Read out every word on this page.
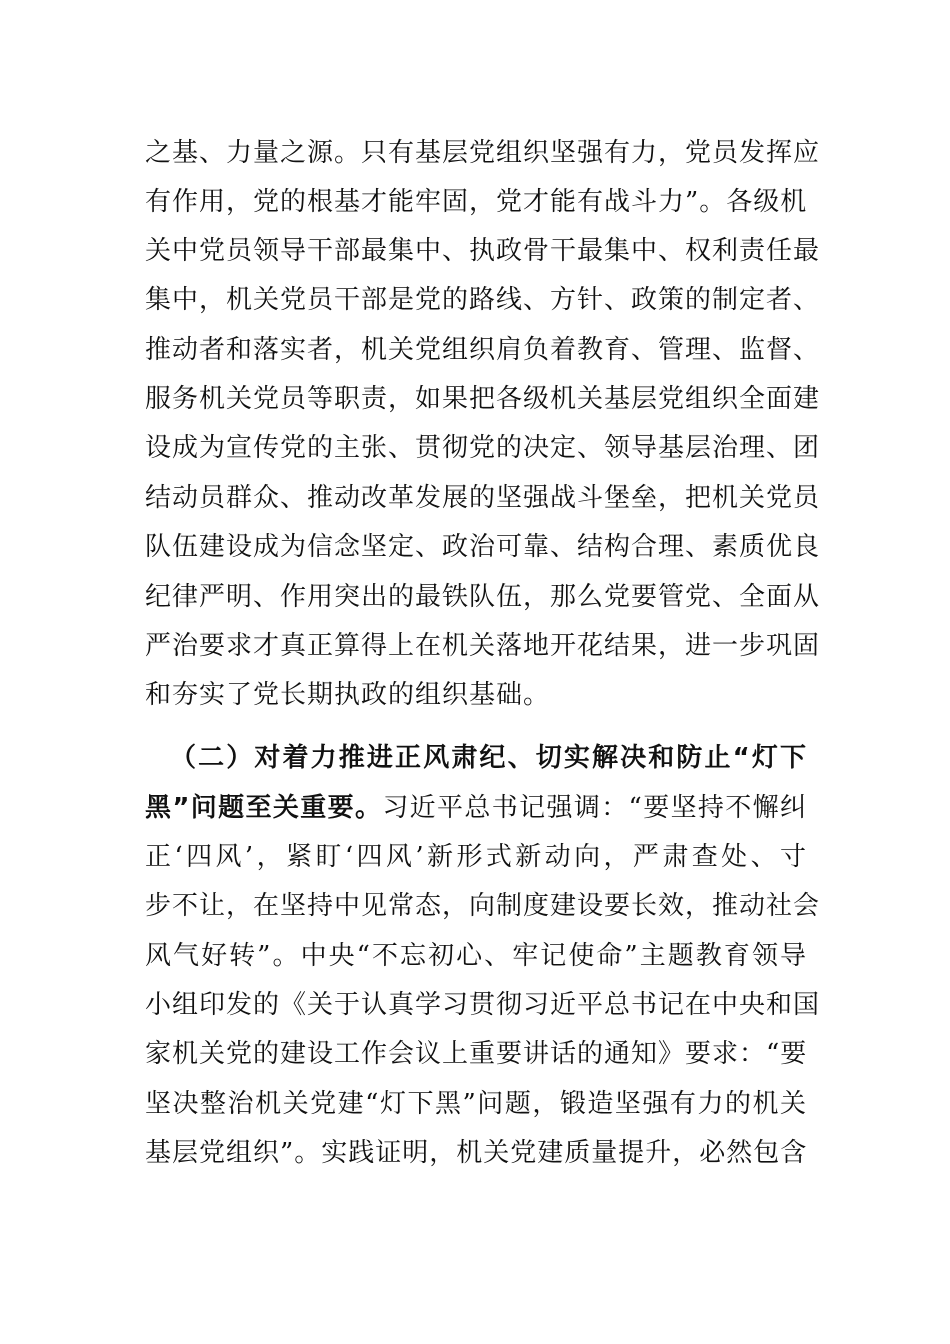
之基、力量之源。只有基层党组织坚强有力，党员发挥应
有作用，党的根基才能牢固，党才能有战斗力”。各级机
关中党员领导干部最集中、执政骨干最集中、权利责任最
集中，机关党员干部是党的路线、方针、政策的制定者、
推动者和落实者，机关党组织肩负着教育、管理、监督、
服务机关党员等职责，如果把各级机关基层党组织全面建
设成为宣传党的主张、贯彻党的决定、领导基层治理、团
结动员群众、推动改革发展的坚强战斗堡垒，把机关党员
队伍建设成为信念坚定、政治可靠、结构合理、素质优良
纪律严明、作用突出的最铁队伍，那么党要管党、全面从
严治要求才真正算得上在机关落地开花结果，进一步巩固
和夯实了党长期执政的组织基础。
（二）对着力推进正风肃纪、切实解决和防止“灯下
黑”问题至关重要。习近平总书记强调：“要坚持不懈纠
正‘四风’，紧盯‘四风’新形式新动向，严肃查处、寸
步不让，在坚持中见常态，向制度建设要长效，推动社会
风气好转”。中央“不忘初心、牢记使命”主题教育领导
小组印发的《关于认真学习贯彻习近平总书记在中央和国
家机关党的建设工作会议上重要讲话的通知》要求：“要
坚决整治机关党建“灯下黑”问题，锻造坚强有力的机关
基层党组织”。实践证明，机关党建质量提升，必然包含
